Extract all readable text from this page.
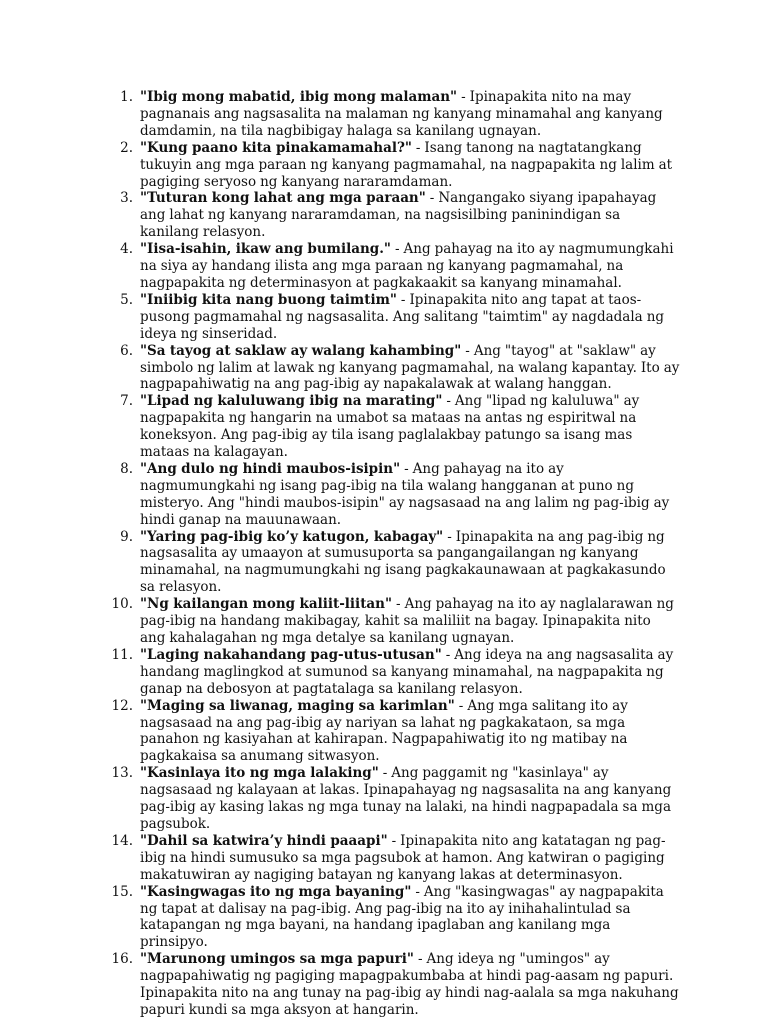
1. "Ibig mong mabatid, ibig mong malaman" - Ipinapakita nito na may pagnanais ang nagsasalita na malaman ng kanyang minamahal ang kanyang damdamin, na tila nagbibigay halaga sa kanilang ugnayan.
2. "Kung paano kita pinakamamahal?" - Isang tanong na nagtatangkang tukuyin ang mga paraan ng kanyang pagmamahal, na nagpapakita ng lalim at pagiging seryoso ng kanyang nararamdaman.
3. "Tuturan kong lahat ang mga paraan" - Nangangako siyang ipapahayag ang lahat ng kanyang nararamdaman, na nagsisilbing paninindigan sa kanilang relasyon.
4. "Iisa-isahin, ikaw ang bumilang." - Ang pahayag na ito ay nagmumungkahi na siya ay handang ilista ang mga paraan ng kanyang pagmamahal, na nagpapakita ng determinasyon at pagkakaakit sa kanyang minamahal.
5. "Iniibig kita nang buong taimtim" - Ipinapakita nito ang tapat at taos-pusong pagmamahal ng nagsasalita. Ang salitang "taimtim" ay nagdadala ng ideya ng sinseridad.
6. "Sa tayog at saklaw ay walang kahambing" - Ang "tayog" at "saklaw" ay simbolo ng lalim at lawak ng kanyang pagmamahal, na walang kapantay. Ito ay nagpapahiwatig na ang pag-ibig ay napakalawak at walang hanggan.
7. "Lipad ng kaluluwang ibig na marating" - Ang "lipad ng kaluluwa" ay nagpapakita ng hangarin na umabot sa mataas na antas ng espiritwal na koneksyon. Ang pag-ibig ay tila isang paglalakbay patungo sa isang mas mataas na kalagayan.
8. "Ang dulo ng hindi maubos-isipin" - Ang pahayag na ito ay nagmumungkahi ng isang pag-ibig na tila walang hangganan at puno ng misteryo. Ang "hindi maubos-isipin" ay nagsasaad na ang lalim ng pag-ibig ay hindi ganap na mauunawaan.
9. "Yaring pag-ibig ko’y katugon, kabagay" - Ipinapakita na ang pag-ibig ng nagsasalita ay umaayon at sumusuporta sa pangangailangan ng kanyang minamahal, na nagmumungkahi ng isang pagkakaunawaan at pagkakasundo sa relasyon.
10. "Ng kailangan mong kaliit-liitan" - Ang pahayag na ito ay naglalarawan ng pag-ibig na handang makibagay, kahit sa maliliit na bagay. Ipinapakita nito ang kahalagahan ng mga detalye sa kanilang ugnayan.
11. "Laging nakahandang pag-utus-utusan" - Ang ideya na ang nagsasalita ay handang maglingkod at sumunod sa kanyang minamahal, na nagpapakita ng ganap na debosyon at pagtatalaga sa kanilang relasyon.
12. "Maging sa liwanag, maging sa karimlan" - Ang mga salitang ito ay nagsasaad na ang pag-ibig ay nariyan sa lahat ng pagkakataon, sa mga panahon ng kasiyahan at kahirapan. Nagpapahiwatig ito ng matibay na pagkakaisa sa anumang sitwasyon.
13. "Kasinlaya ito ng mga lalaking" - Ang paggamit ng "kasinlaya" ay nagsasaad ng kalayaan at lakas. Ipinapahayag ng nagsasalita na ang kanyang pag-ibig ay kasing lakas ng mga tunay na lalaki, na hindi nagpapadala sa mga pagsubok.
14. "Dahil sa katwira’y hindi paaapi" - Ipinapakita nito ang katatagan ng pag-ibig na hindi sumusuko sa mga pagsubok at hamon. Ang katwiran o pagiging makatuwiran ay nagiging batayan ng kanyang lakas at determinasyon.
15. "Kasingwagas ito ng mga bayaning" - Ang "kasingwagas" ay nagpapakita ng tapat at dalisay na pag-ibig. Ang pag-ibig na ito ay inihahalintulad sa katapangan ng mga bayani, na handang ipaglaban ang kanilang mga prinsipyo.
16. "Marunong umingos sa mga papuri" - Ang ideya ng "umingos" ay nagpapahiwatig ng pagiging mapagpakumbaba at hindi pag-aasam ng papuri. Ipinapakita nito na ang tunay na pag-ibig ay hindi nag-aalala sa mga nakuhang papuri kundi sa mga aksyon at hangarin.
